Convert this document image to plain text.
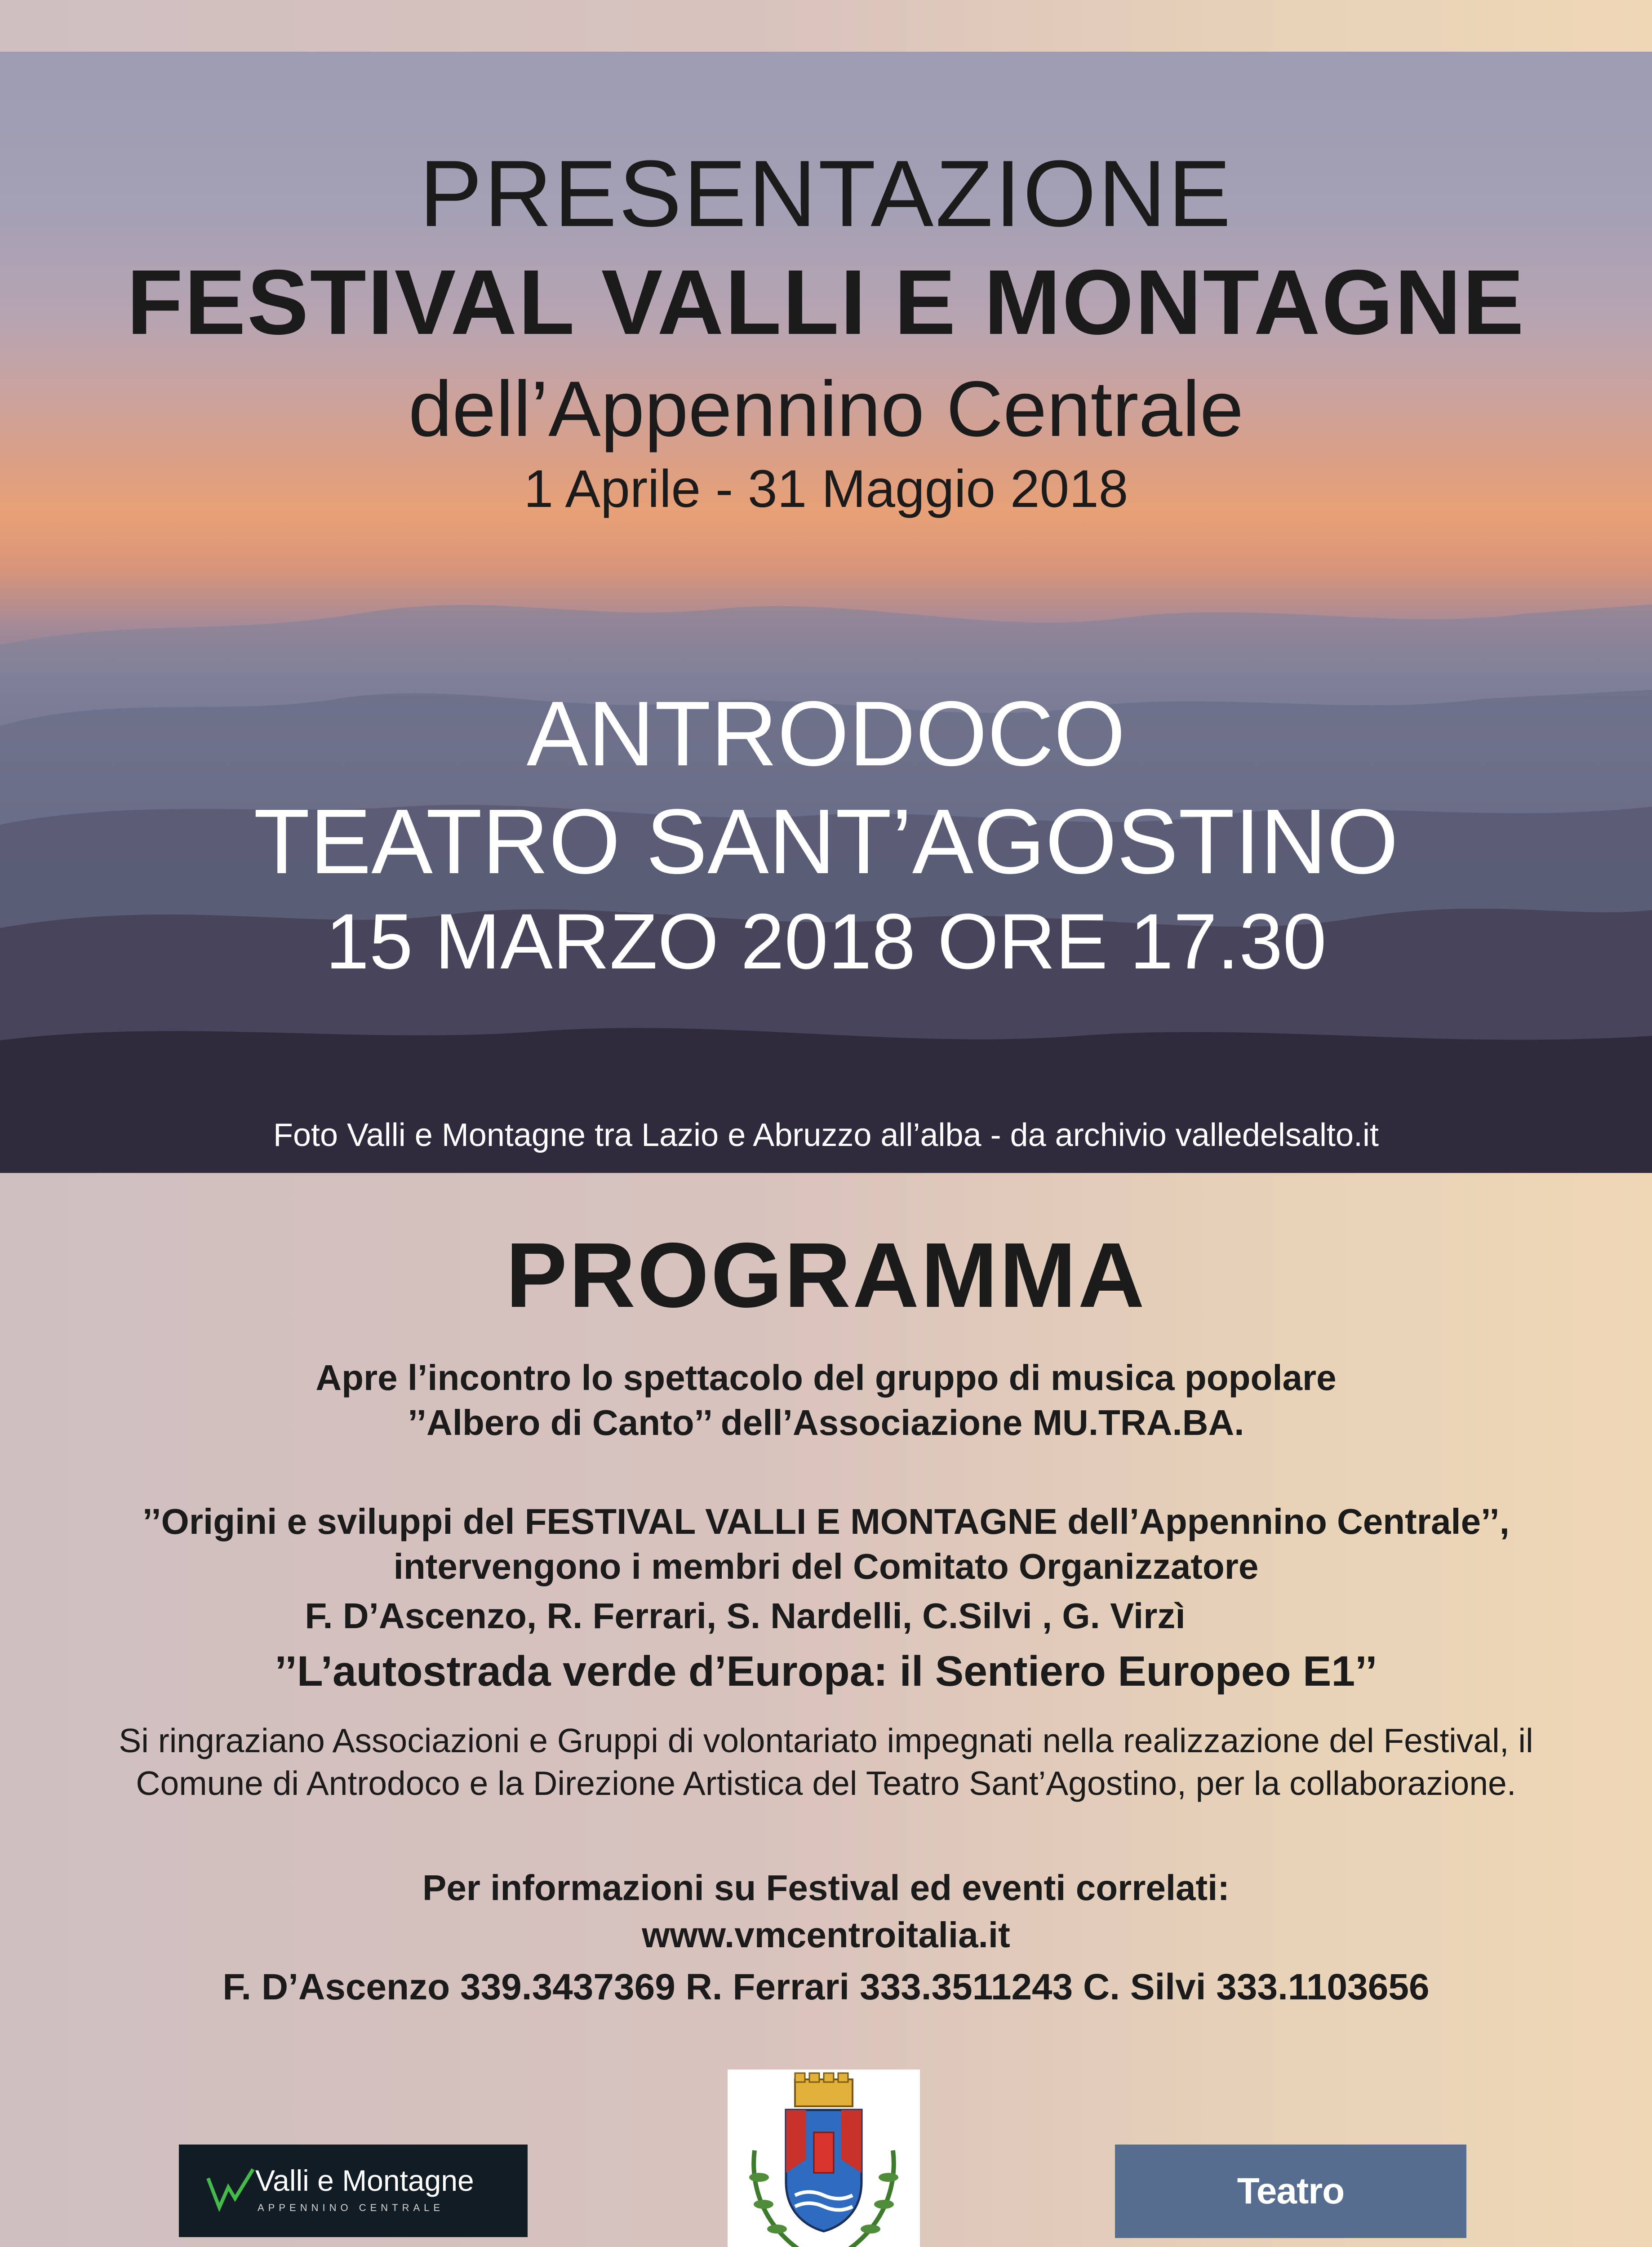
PRESENTAZIONE
FESTIVAL VALLI E MONTAGNE
dell’Appennino Centrale
1 Aprile - 31 Maggio 2018
ANTRODOCO
TEATRO SANT’AGOSTINO
15 MARZO 2018 ORE 17.30
Foto Valli e Montagne tra Lazio e Abruzzo all’alba - da archivio valledelsalto.it
PROGRAMMA
Apre l’incontro lo spettacolo del gruppo di musica popolare
’’Albero di Canto’’ dell’Associazione MU.TRA.BA.
’’Origini e sviluppi del FESTIVAL VALLI E MONTAGNE dell’Appennino Centrale’’,
intervengono i membri del Comitato Organizzatore
F. D’Ascenzo, R. Ferrari, S. Nardelli, C.Silvi , G. Virzì
’’L’autostrada verde d’Europa: il Sentiero Europeo E1’’
Si ringraziano Associazioni e Gruppi di volontariato impegnati nella realizzazione del Festival, il
Comune di Antrodoco e la Direzione Artistica del Teatro Sant’Agostino, per la collaborazione.
Per informazioni su Festival ed eventi correlati:
www.vmcentroitalia.it
F. D’Ascenzo 339.3437369 R. Ferrari 333.3511243 C. Silvi 333.1103656
Valli e Montagne
APPENNINO CENTRALE	Teatro
